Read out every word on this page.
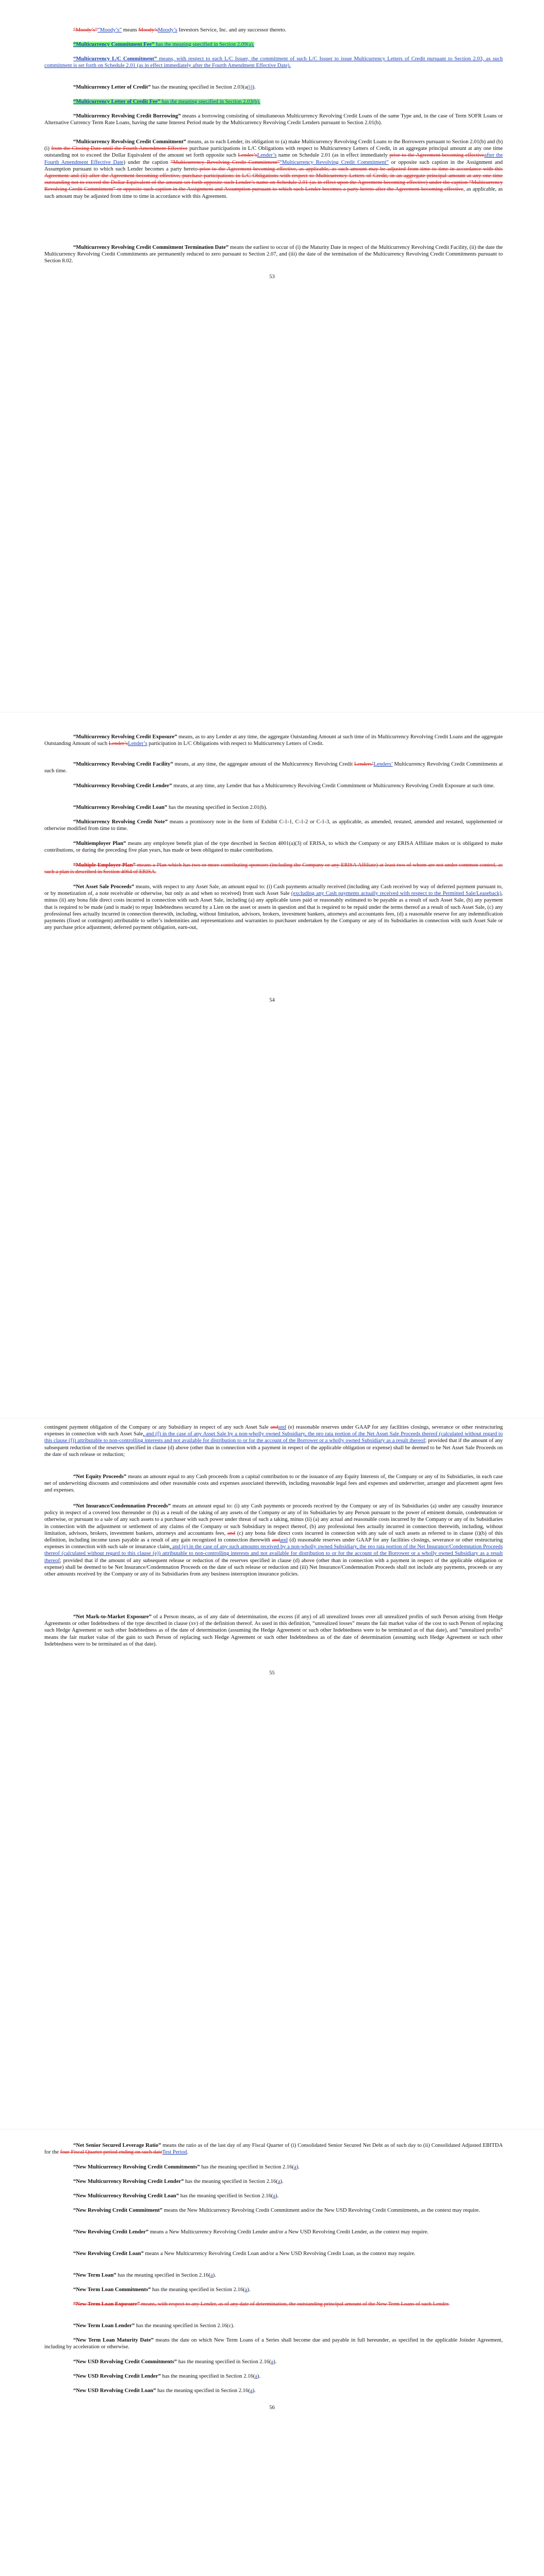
“Moody’s”“Moody’s” means Moody’sMoody’s Investors Service, Inc. and any successor thereto.

“Multicurrency Commitment Fee” has the meaning specified in Section 2.09(a).

“Multicurrency L/C Commitment” means, with respect to each L/C Issuer, the commitment of such L/C Issuer to issue Multicurrency Letters of Credit pursuant to Section 2.03, as such commitment is set forth on Schedule 2.01 (as in effect immediately after the Fourth Amendment Effective Date).

“Multicurrency Letter of Credit” has the meaning specified in Section 2.03(a(i)).

“Multicurrency Letter of Credit Fee” has the meaning specified in Section 2.03(h).

“Multicurrency Revolving Credit Borrowing” means a borrowing consisting of simultaneous Multicurrency Revolving Credit Loans of the same Type and, in the case of Term SOFR Loans or Alternative Currency Term Rate Loans, having the same Interest Period made by the Multicurrency Revolving Credit Lenders pursuant to Section 2.01(b).

“Multicurrency Revolving Credit Commitment” means, as to each Lender, its obligation to (a) make Multicurrency Revolving Credit Loans to the Borrowers pursuant to Section 2.01(b) and (b) (i) from the Closing Date until the Fourth Amendment Effective purchase participations in L/C Obligations with respect to Multicurrency Letters of Credit, in an aggregate principal amount at any one time outstanding not to exceed the Dollar Equivalent of the amount set forth opposite such Lender’sLender’s name on Schedule 2.01 (as in effect immediately prior to the Agreement becoming effectiveafter the Fourth Amendment Effective Date) under the caption “Multicurrency Revolving Credit Commitment”“Multicurrency Revolving Credit Commitment” or opposite such caption in the Assignment and Assumption pursuant to which such Lender becomes a party hereto prior to the Agreement becoming effective, as applicable, as such amount may be adjusted from time to time in accordance with this Agreement and (ii) after the Agreement becoming effective, purchase participations in L/C Obligations with respect to Multicurrency Letters of Credit, in an aggregate principal amount at any one time outstanding not to exceed the Dollar Equivalent of the amount set forth opposite such Lender’s name on Schedule 2.01 (as in effect upon the Agreement becoming effective) under the caption “Multicurrency Revolving Credit Commitment” or opposite such caption in the Assignment and Assumption pursuant to which such Lender becomes a party hereto after the Agreement becoming effective, as applicable, as such amount may be adjusted from time to time in accordance with this Agreement.

“Multicurrency Revolving Credit Commitment Termination Date” means the earliest to occur of (i) the Maturity Date in respect of the Multicurrency Revolving Credit Facility, (ii) the date the Multicurrency Revolving Credit Commitments are permanently reduced to zero pursuant to Section 2.07, and (iii) the date of the termination of the Multicurrency Revolving Credit Commitments pursuant to Section 8.02.

53

“Multicurrency Revolving Credit Exposure” means, as to any Lender at any time, the aggregate Outstanding Amount at such time of its Multicurrency Revolving Credit Loans and the aggregate Outstanding Amount of such Lender’sLender’s participation in L/C Obligations with respect to Multicurrency Letters of Credit.

“Multicurrency Revolving Credit Facility” means, at any time, the aggregate amount of the Multicurrency Revolving Credit Lenders’Lenders’ Multicurrency Revolving Credit Commitments at such time.

“Multicurrency Revolving Credit Lender” means, at any time, any Lender that has a Multicurrency Revolving Credit Commitment or Multicurrency Revolving Credit Exposure at such time.

“Multicurrency Revolving Credit Loan” has the meaning specified in Section 2.01(b).

“Multicurrency Revolving Credit Note” means a promissory note in the form of Exhibit C-1-1, C-1-2 or C-1-3, as applicable, as amended, restated, amended and restated, supplemented or otherwise modified from time to time.

“Multiemployer Plan” means any employee benefit plan of the type described in Section 4001(a)(3) of ERISA, to which the Company or any ERISA Affiliate makes or is obligated to make contributions, or during the preceding five plan years, has made or been obligated to make contributions.

“Multiple Employer Plan” means a Plan which has two or more contributing sponsors (including the Company or any ERISA Affiliate) at least two of whom are not under common control, as such a plan is described in Section 4064 of ERISA.

“Net Asset Sale Proceeds” means, with respect to any Asset Sale, an amount equal to: (i) Cash payments actually received (including any Cash received by way of deferred payment pursuant to, or by monetization of, a note receivable or otherwise, but only as and when so received) from such Asset Sale (excluding any Cash payments actually received with respect to the Permitted Sale/Leaseback), minus (ii) any bona fide direct costs incurred in connection with such Asset Sale, including (a) any applicable taxes paid or reasonably estimated to be payable as a result of such Asset Sale, (b) any payment that is required to be made (and is made) to repay Indebtedness secured by a Lien on the asset or assets in question and that is required to be repaid under the terms thereof as a result of such Asset Sale, (c) any professional fees actually incurred in connection therewith, including, without limitation, advisors, brokers, investment bankers, attorneys and accountants fees, (d) a reasonable reserve for any indemnification payments (fixed or contingent) attributable to seller’s indemnities and representations and warranties to purchaser undertaken by the Company or any of its Subsidiaries in connection with such Asset Sale or any purchase price adjustment, deferred payment obligation, earn-out,

54

contingent payment obligation of the Company or any Subsidiary in respect of any such Asset Sale andand (e) reasonable reserves under GAAP for any facilities closings, severance or other restructuring expenses in connection with such Asset Sale, and (f) in the case of any Asset Sale by a non-wholly owned Subsidiary, the pro rata portion of the Net Asset Sale Proceeds thereof (calculated without regard to this clause (f)) attributable to non-controlling interests and not available for distribution to or for the account of the Borrower or a wholly owned Subsidiary as a result thereof; provided that if the amount of any subsequent reduction of the reserves specified in clause (d) above (other than in connection with a payment in respect of the applicable obligation or expense) shall be deemed to be Net Asset Sale Proceeds on the date of such release or reduction;

“Net Equity Proceeds” means an amount equal to any Cash proceeds from a capital contribution to or the issuance of any Equity Interests of, the Company or any of its Subsidiaries, in each case net of underwriting discounts and commissions and other reasonable costs and expenses associated therewith, including reasonable legal fees and expenses and underwriter, arranger and placement agent fees and expenses.

“Net Insurance/Condemnation Proceeds” means an amount equal to: (i) any Cash payments or proceeds received by the Company or any of its Subsidiaries (a) under any casualty insurance policy in respect of a covered loss thereunder or (b) as a result of the taking of any assets of the Company or any of its Subsidiaries by any Person pursuant to the power of eminent domain, condemnation or otherwise, or pursuant to a sale of any such assets to a purchaser with such power under threat of such a taking, minus (ii) (a) any actual and reasonable costs incurred by the Company or any of its Subsidiaries in connection with the adjustment or settlement of any claims of the Company or such Subsidiary in respect thereof, (b) any professional fees actually incurred in connection therewith, including, without limitation, advisors, brokers, investment bankers, attorneys and accountants fees, and (c) any bona fide direct costs incurred in connection with any sale of such assets as referred to in clause (i)(b) of this definition, including income taxes payable as a result of any gain recognized in connection therewith andand (d) reasonable reserves under GAAP for any facilities closings, severance or other restructuring expenses in connection with such sale or insurance claim, and (e) in the case of any such amounts received by a non-wholly owned Subsidiary, the pro rata portion of the Net Insurance/Condemnation Proceeds thereof (calculated without regard to this clause (e)) attributable to non-controlling interests and not available for distribution to or for the account of the Borrower or a wholly owned Subsidiary as a result thereof; provided that if the amount of any subsequent release or reduction of the reserves specified in clause (d) above (other than in connection with a payment in respect of the applicable obligation or expense) shall be deemed to be Net Insurance/Condemnation Proceeds on the date of such release or reduction and (iii) Net Insurance/Condemnation Proceeds shall not include any payments, proceeds or any other amounts received by the Company or any of its Subsidiaries from any business interruption insurance policies.

“Net Mark-to-Market Exposure” of a Person means, as of any date of determination, the excess (if any) of all unrealized losses over all unrealized profits of such Person arising from Hedge Agreements or other Indebtedness of the type described in clause (xv) of the definition thereof. As used in this definition, “unrealized losses” means the fair market value of the cost to such Person of replacing such Hedge Agreement or such other Indebtedness as of the date of determination (assuming the Hedge Agreement or such other Indebtedness were to be terminated as of that date), and “unrealized profits” means the fair market value of the gain to such Person of replacing such Hedge Agreement or such other Indebtedness as of the date of determination (assuming such Hedge Agreement or such other Indebtedness were to be terminated as of that date).

55

“Net Senior Secured Leverage Ratio” means the ratio as of the last day of any Fiscal Quarter of (i) Consolidated Senior Secured Net Debt as of such day to (ii) Consolidated Adjusted EBITDA for the four-Fiscal Quarter period ending on such dateTest Period.

“New Multicurrency Revolving Credit Commitments” has the meaning specified in Section 2.16(a).

“New Multicurrency Revolving Credit Lender” has the meaning specified in Section 2.16(a).

“New Multicurrency Revolving Credit Loan” has the meaning specified in Section 2.16(a).

“New Revolving Credit Commitment” means the New Multicurrency Revolving Credit Commitment and/or the New USD Revolving Credit Commitments, as the context may require.

“New Revolving Credit Lender” means a New Multicurrency Revolving Credit Lender and/or a New USD Revolving Credit Lender, as the context may require.

“New Revolving Credit Loan” means a New Multicurrency Revolving Credit Loan and/or a New USD Revolving Credit Loan, as the context may require.

“New Term Loan” has the meaning specified in Section 2.16(a).

“New Term Loan Commitments” has the meaning specified in Section 2.16(a).

“New Term Loan Exposure” means, with respect to any Lender, as of any date of determination, the outstanding principal amount of the New Term Loans of such Lender.

“New Term Loan Lender” has the meaning specified in Section 2.16(c).

“New Term Loan Maturity Date” means the date on which New Term Loans of a Series shall become due and payable in full hereunder, as specified in the applicable Joinder Agreement, including by acceleration or otherwise.

“New USD Revolving Credit Commitments” has the meaning specified in Section 2.16(a).

“New USD Revolving Credit Lender” has the meaning specified in Section 2.16(a).

“New USD Revolving Credit Loan” has the meaning specified in Section 2.16(a).

56
